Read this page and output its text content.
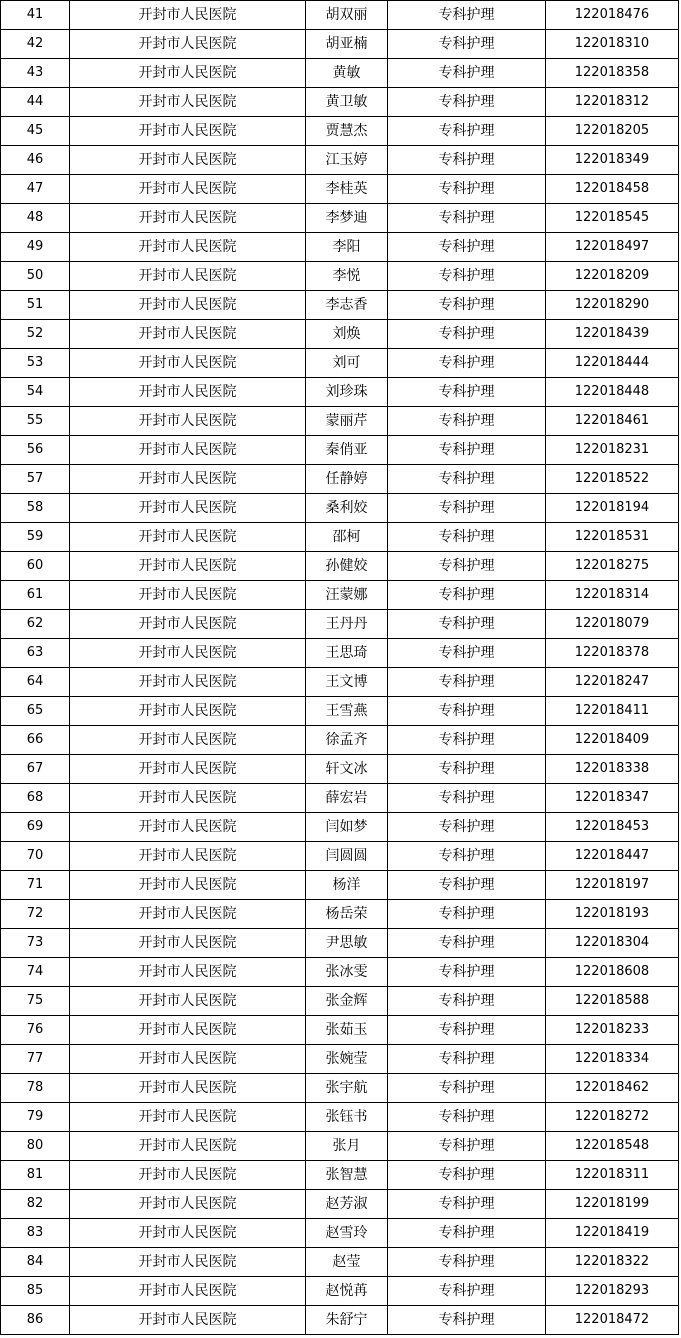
41	开封市人民医院	胡双丽	专科护理	122018476
42	开封市人民医院	胡亚楠	专科护理	122018310
43	开封市人民医院	黄敏	专科护理	122018358
44	开封市人民医院	黄卫敏	专科护理	122018312
45	开封市人民医院	贾慧杰	专科护理	122018205
46	开封市人民医院	江玉婷	专科护理	122018349
47	开封市人民医院	李桂英	专科护理	122018458
48	开封市人民医院	李梦迪	专科护理	122018545
49	开封市人民医院	李阳	专科护理	122018497
50	开封市人民医院	李悦	专科护理	122018209
51	开封市人民医院	李志香	专科护理	122018290
52	开封市人民医院	刘焕	专科护理	122018439
53	开封市人民医院	刘可	专科护理	122018444
54	开封市人民医院	刘珍珠	专科护理	122018448
55	开封市人民医院	蒙丽芹	专科护理	122018461
56	开封市人民医院	秦俏亚	专科护理	122018231
57	开封市人民医院	任静婷	专科护理	122018522
58	开封市人民医院	桑利姣	专科护理	122018194
59	开封市人民医院	邵柯	专科护理	122018531
60	开封市人民医院	孙健姣	专科护理	122018275
61	开封市人民医院	汪蒙娜	专科护理	122018314
62	开封市人民医院	王丹丹	专科护理	122018079
63	开封市人民医院	王思琦	专科护理	122018378
64	开封市人民医院	王文博	专科护理	122018247
65	开封市人民医院	王雪燕	专科护理	122018411
66	开封市人民医院	徐孟齐	专科护理	122018409
67	开封市人民医院	轩文冰	专科护理	122018338
68	开封市人民医院	薛宏岩	专科护理	122018347
69	开封市人民医院	闫如梦	专科护理	122018453
70	开封市人民医院	闫圆圆	专科护理	122018447
71	开封市人民医院	杨洋	专科护理	122018197
72	开封市人民医院	杨岳荣	专科护理	122018193
73	开封市人民医院	尹思敏	专科护理	122018304
74	开封市人民医院	张冰雯	专科护理	122018608
75	开封市人民医院	张金辉	专科护理	122018588
76	开封市人民医院	张茹玉	专科护理	122018233
77	开封市人民医院	张婉莹	专科护理	122018334
78	开封市人民医院	张宇航	专科护理	122018462
79	开封市人民医院	张钰书	专科护理	122018272
80	开封市人民医院	张月	专科护理	122018548
81	开封市人民医院	张智慧	专科护理	122018311
82	开封市人民医院	赵芳淑	专科护理	122018199
83	开封市人民医院	赵雪玲	专科护理	122018419
84	开封市人民医院	赵莹	专科护理	122018322
85	开封市人民医院	赵悦苒	专科护理	122018293
86	开封市人民医院	朱舒宁	专科护理	122018472
